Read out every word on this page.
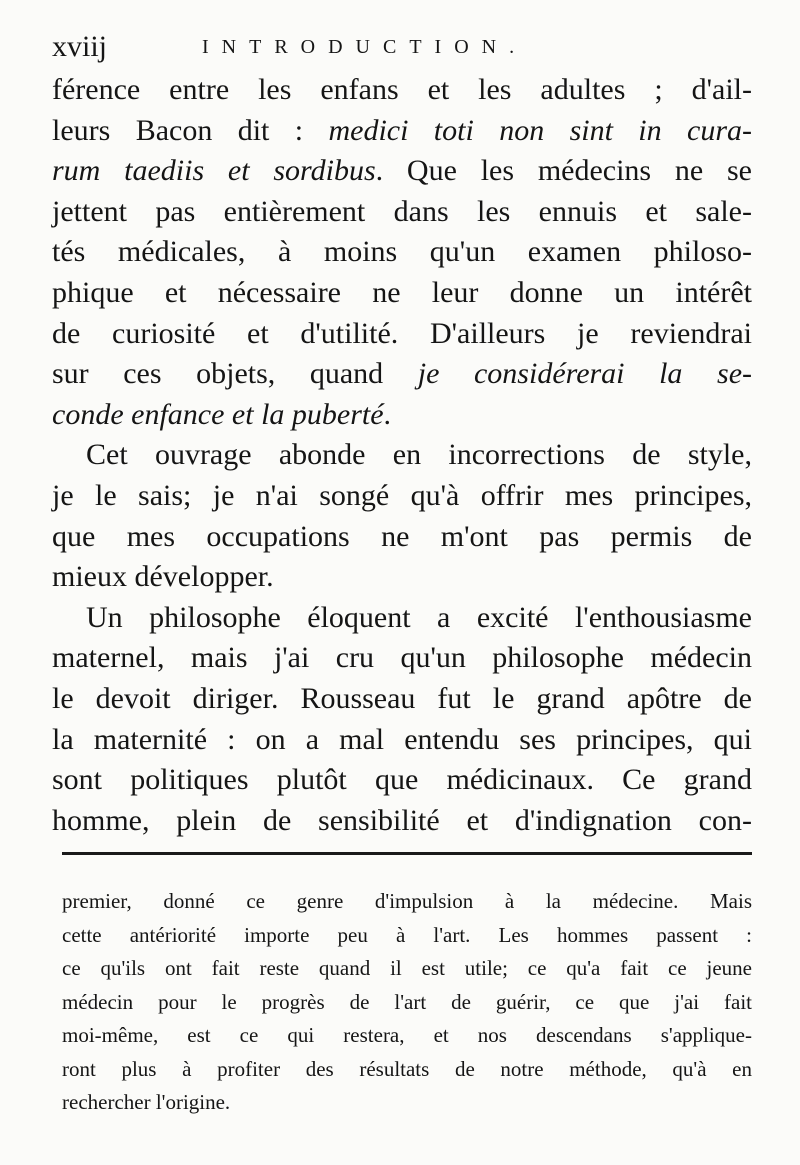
xviij	INTRODUCTION.
férence entre les enfans et les adultes ; d'ail-
leurs Bacon dit : medici toti non sint in cura-
rum taediis et sordibus. Que les médecins ne se
jettent pas entièrement dans les ennuis et sale-
tés médicales, à moins qu'un examen philoso-
phique et nécessaire ne leur donne un intérêt
de curiosité et d'utilité. D'ailleurs je reviendrai
sur ces objets, quand je considérerai la se-
conde enfance et la puberté.
Cet ouvrage abonde en incorrections de style,
je le sais; je n'ai songé qu'à offrir mes principes,
que mes occupations ne m'ont pas permis de
mieux développer.
Un philosophe éloquent a excité l'enthousiasme
maternel, mais j'ai cru qu'un philosophe médecin
le devoit diriger. Rousseau fut le grand apôtre de
la maternité : on a mal entendu ses principes, qui
sont politiques plutôt que médicinaux. Ce grand
homme, plein de sensibilité et d'indignation con-
premier, donné ce genre d'impulsion à la médecine. Mais
cette antériorité importe peu à l'art. Les hommes passent :
ce qu'ils ont fait reste quand il est utile; ce qu'a fait ce jeune
médecin pour le progrès de l'art de guérir, ce que j'ai fait
moi-même, est ce qui restera, et nos descendans s'applique-
ront plus à profiter des résultats de notre méthode, qu'à en
rechercher l'origine.
